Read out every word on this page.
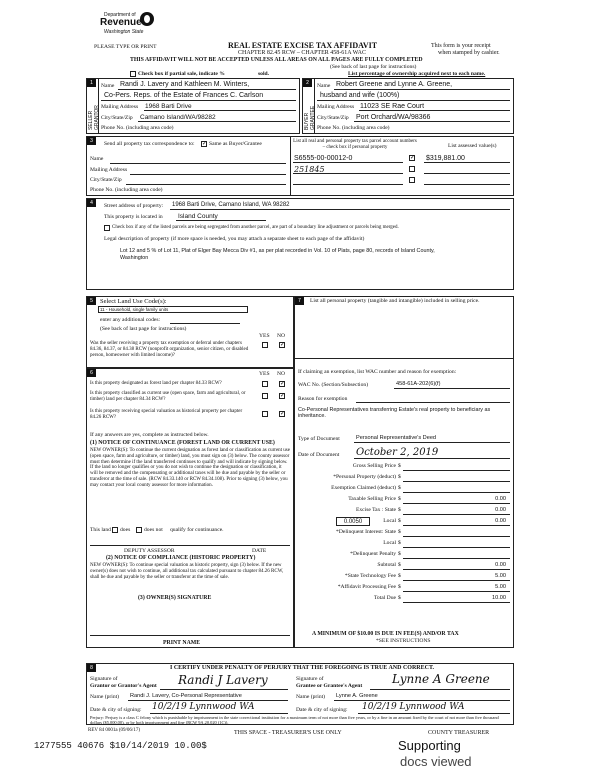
Department of
Revenue
Washington State
PLEASE TYPE OR PRINT	REAL ESTATE EXCISE TAX AFFIDAVIT
CHAPTER 82.45 RCW – CHAPTER 458-61A WAC
THIS AFFIDAVIT WILL NOT BE ACCEPTED UNLESS ALL AREAS ON ALL PAGES ARE FULLY COMPLETED
(See back of last page for instructions)
This form is your receipt
when stamped by cashier.
Check box if partial sale, indicate %	sold.	List percentage of ownership acquired next to each name.
1
SELLER GRANTOR
Name Randi J. Lavery and Kathleen M. Winters,
Co-Pers. Reps. of the Estate of Frances C. Carlson
Mailing Address 1968 Barti Drive
City/State/Zip Camano Island/WA/98282
Phone No. (including area code)
2
BUYER GRANTEE
Name Robert Greene and Lynne A. Greene,
husband and wife (100%)
Mailing Address 11023 SE Rae Court
City/State/Zip Port Orchard/WA/98366
Phone No. (including area code)
3	Send all property tax correspondence to: ✓ Same as Buyer/Grantee
Name
Mailing Address
City/State/Zip
Phone No. (including area code)
List all real and personal property tax parcel account numbers – check box if personal property	List assessed value(s)
S6555-00-00012-0	✓ $319,881.00
251845
4	Street address of property: 1968 Barti Drive, Camano Island, WA 98282
This property is located in Island County
Check box if any of the listed parcels are being segregated from another parcel, are part of a boundary line adjustment or parcels being merged.
Legal description of property (if more space is needed, you may attach a separate sheet to each page of the affidavit)
Lot 12 and 5 % of Lot 11, Plat of Elger Bay Mecca Div #1, as per plat recorded in Vol. 10 of Plats, page 80, records of Island County,
Washington
5	Select Land Use Code(s):
11 - Household, single family units
enter any additional codes:
(See back of last page for instructions)
YES NO
Was the seller receiving a property tax exemption or deferral under chapters 84.36, 84.37, or 84.38 RCW (nonprofit organization, senior citizen, or disabled person, homeowner with limited income)?
✓
6	YES NO
Is this property designated as forest land per chapter 84.33 RCW?	✓
Is this property classified as current use (open space, farm and agricultural, or timber) land per chapter 84.34 RCW?
✓
Is this property receiving special valuation as historical property per chapter 84.26 RCW?
✓
If any answers are yes, complete as instructed below.
(1) NOTICE OF CONTINUANCE (FOREST LAND OR CURRENT USE)
NEW OWNER(S): To continue the current designation as forest land or classification as current use (open space, farm and agriculture, or timber) land, you must sign on (3) below. The county assessor must then determine if the land transferred continues to qualify and will indicate by signing below. If the land no longer qualifies or you do not wish to continue the designation or classification, it will be removed and the compensating or additional taxes will be due and payable by the seller or transferor at the time of sale. (RCW 84.33.140 or RCW 84.34.108). Prior to signing (3) below, you may contact your local county assessor for more information.
This land does does not qualify for continuance.
DEPUTY ASSESSOR	DATE
(2) NOTICE OF COMPLIANCE (HISTORIC PROPERTY)
NEW OWNER(S): To continue special valuation as historic property, sign (3) below. If the new owner(s) does not wish to continue, all additional tax calculated pursuant to chapter 84.26 RCW, shall be due and payable by the seller or transferor at the time of sale.
(3) OWNER(S) SIGNATURE
PRINT NAME
7	List all personal property (tangible and intangible) included in selling price.
If claiming an exemption, list WAC number and reason for exemption:
WAC No. (Section/Subsection)	458-61A-202(6)(f)
Reason for exemption
Co-Personal Representatives transferring Estate's real property to beneficiary as inheritance.
Type of Document	Personal Representative's Deed
Date of Document October 2, 2019
Gross Selling Price $
*Personal Property (deduct) $
Exemption Claimed (deduct) $
Taxable Selling Price $	0.00
Excise Tax : State $	0.00
Local $	0.00
*Delinquent Interest: State $
Local $
*Delinquent Penalty $
Subtotal $	0.00
*State Technology Fee $	5.00
*Affidavit Processing Fee $	5.00
Total Due $	10.00
0.0050
A MINIMUM OF $10.00 IS DUE IN FEE(S) AND/OR TAX
*SEE INSTRUCTIONS
8	I CERTIFY UNDER PENALTY OF PERJURY THAT THE FOREGOING IS TRUE AND CORRECT.
Signature of
Grantor or Grantor's Agent Randi J Lavery	Signature of
Grantee or Grantee's Agent Lynne A Greene
Name (print) Randi J. Lavery, Co-Personal Representative	Name (print) Lynne A. Greene
Date & city of signing: 10/2/19 Lynnwood WA	Date & city of signing: 10/2/19 Lynnwood WA
Perjury: Perjury is a class C felony which is punishable by imprisonment in the state correctional institution for a maximum term of not more than five years, or by a fine in an amount fixed by the court of not more than five thousand dollars ($5,000.00), or by both imprisonment and fine (RCW 9A.20.020 (1C)).
REV 84 0001a (09/06/17)	THIS SPACE - TREASURER'S USE ONLY	COUNTY TREASURER
1277555 40676 $10/14/2019 10.00$	Supporting
docs viewed
